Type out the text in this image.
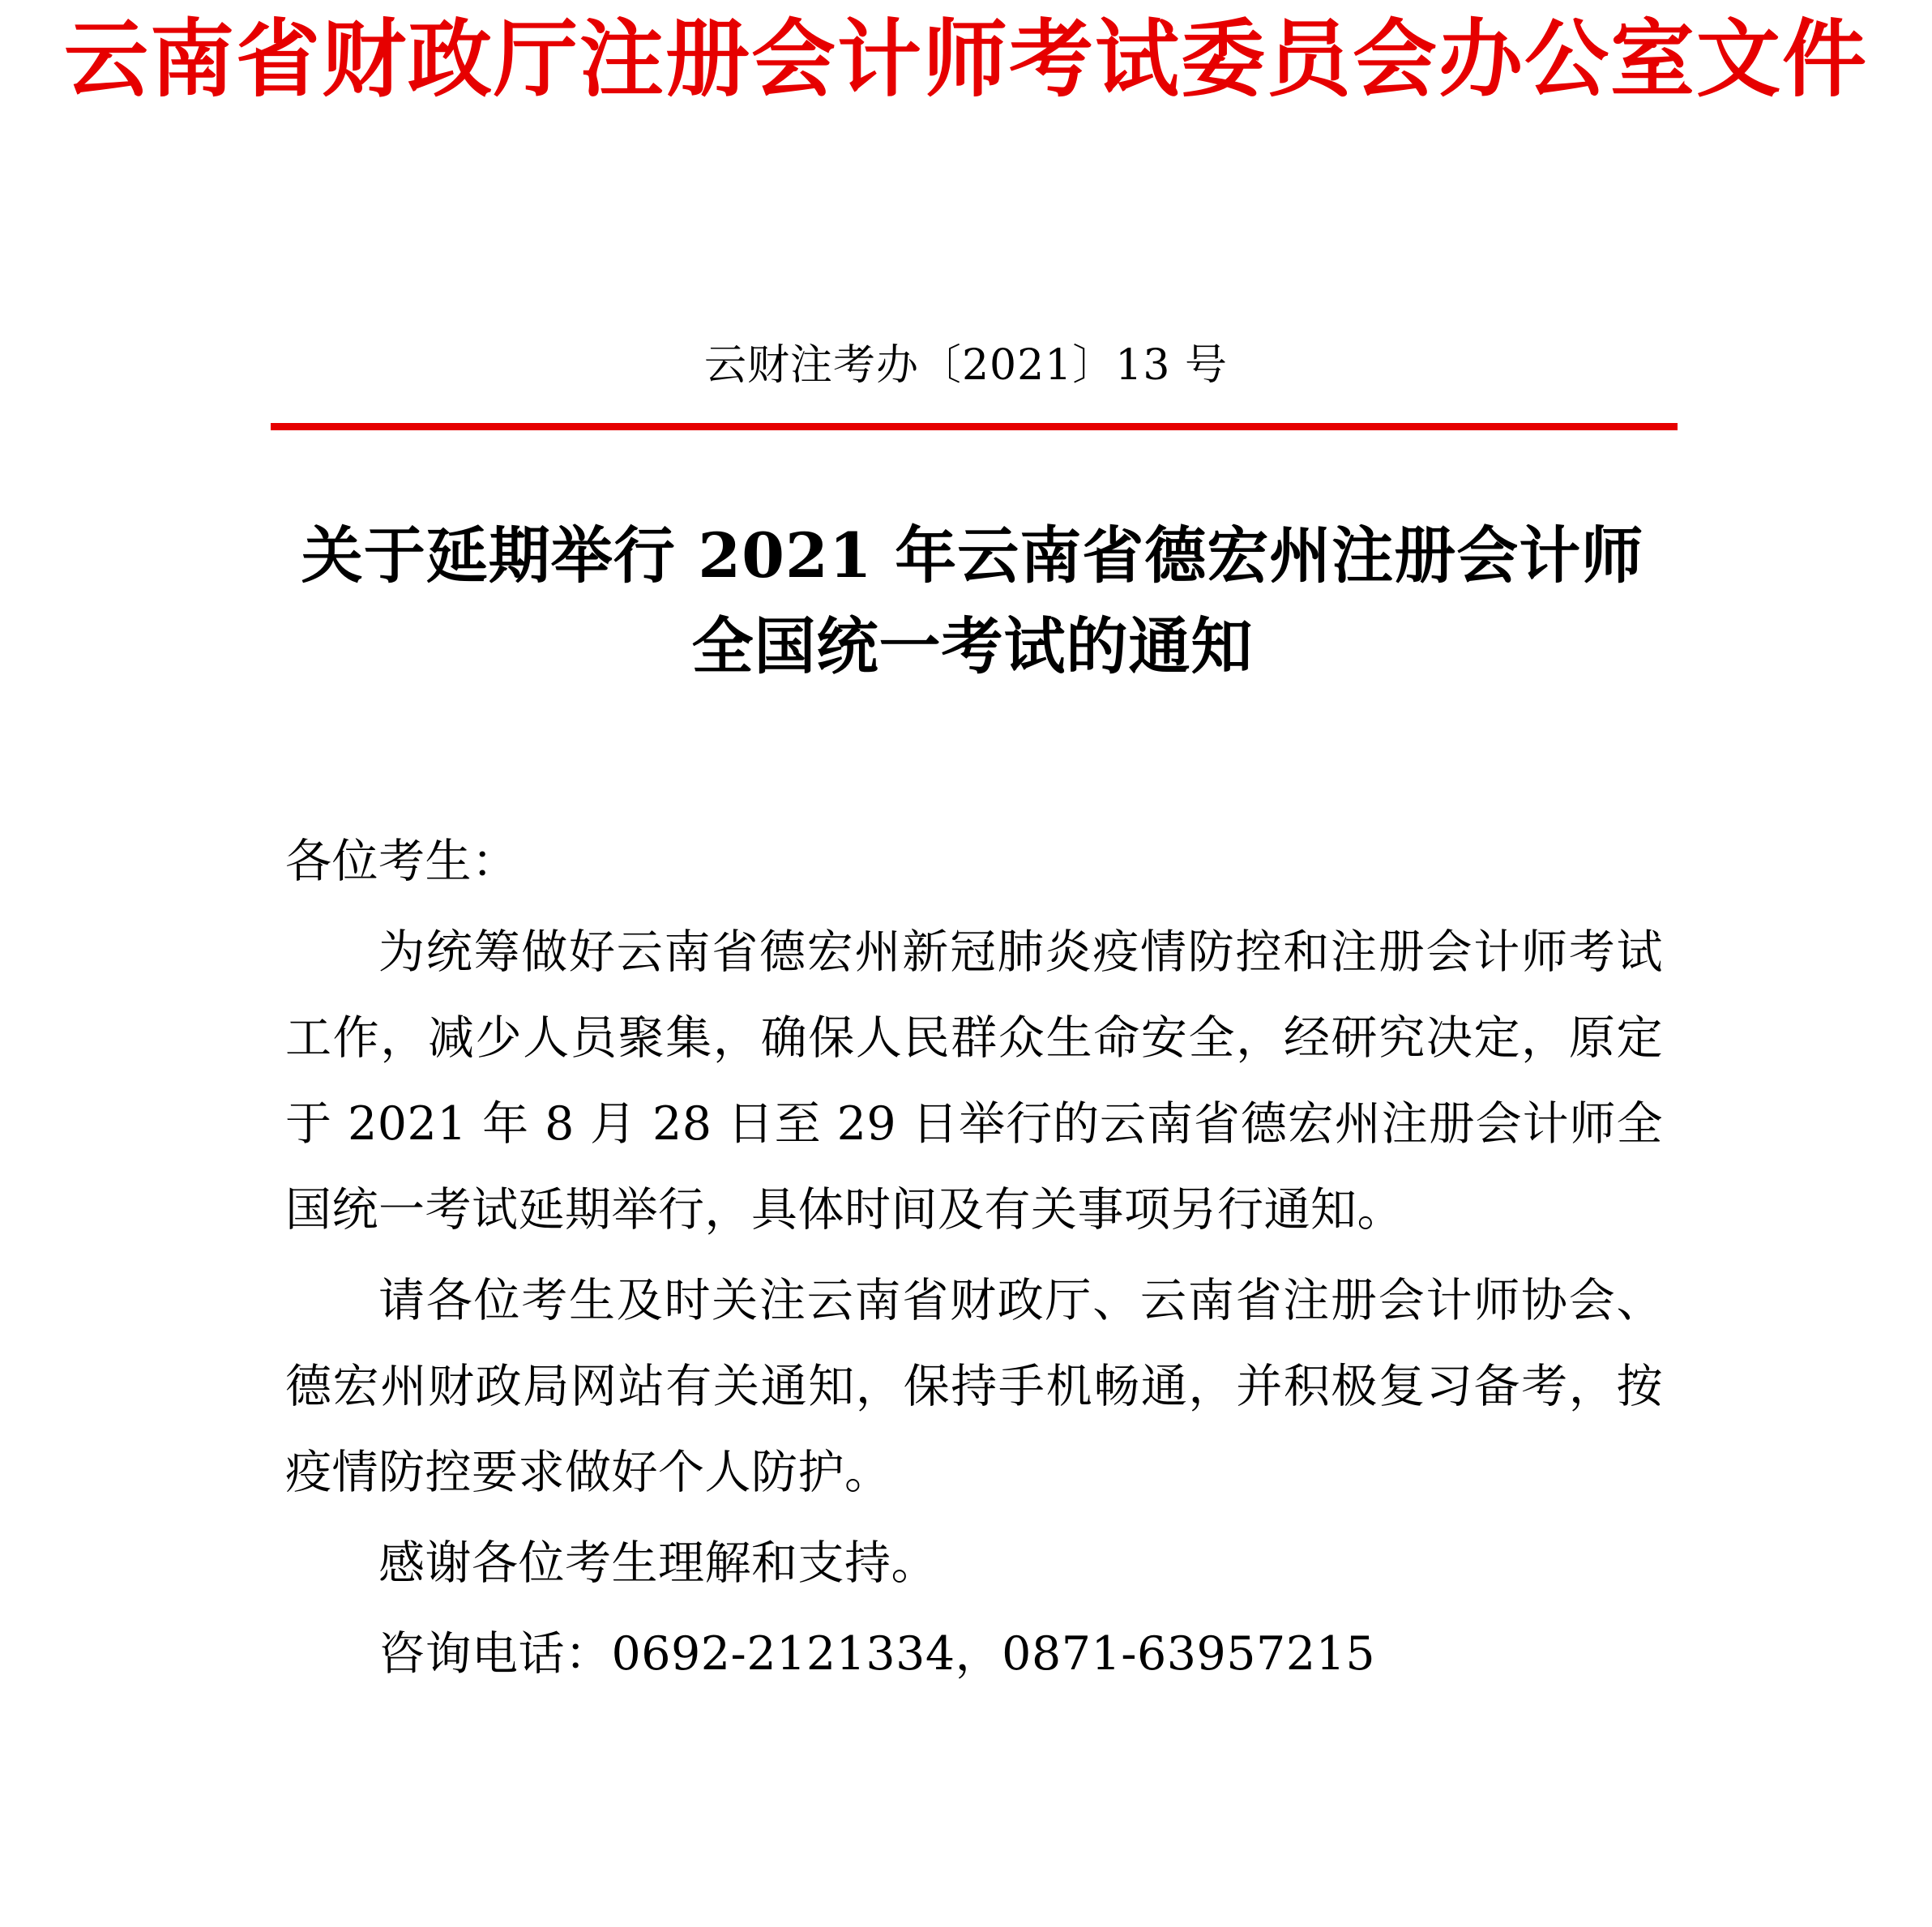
云南省财政厅注册会计师考试委员会办公室文件
云财注考办〔2021〕13 号
关于延期举行 2021 年云南省德宏州注册会计师
全国统一考试的通知

各位考生：

为统筹做好云南省德宏州新冠肺炎疫情防控和注册会计师考试工作，减少人员聚集，确保人民群众生命安全，经研究决定，原定于 2021 年 8 月 28 日至 29 日举行的云南省德宏州注册会计师全国统一考试延期举行，具体时间及有关事项另行通知。

请各位考生及时关注云南省财政厅、云南省注册会计师协会、德宏州财政局网站有关通知，保持手机畅通，并积极复习备考，按疫情防控要求做好个人防护。

感谢各位考生理解和支持。

咨询电话：0692-2121334，0871-63957215
